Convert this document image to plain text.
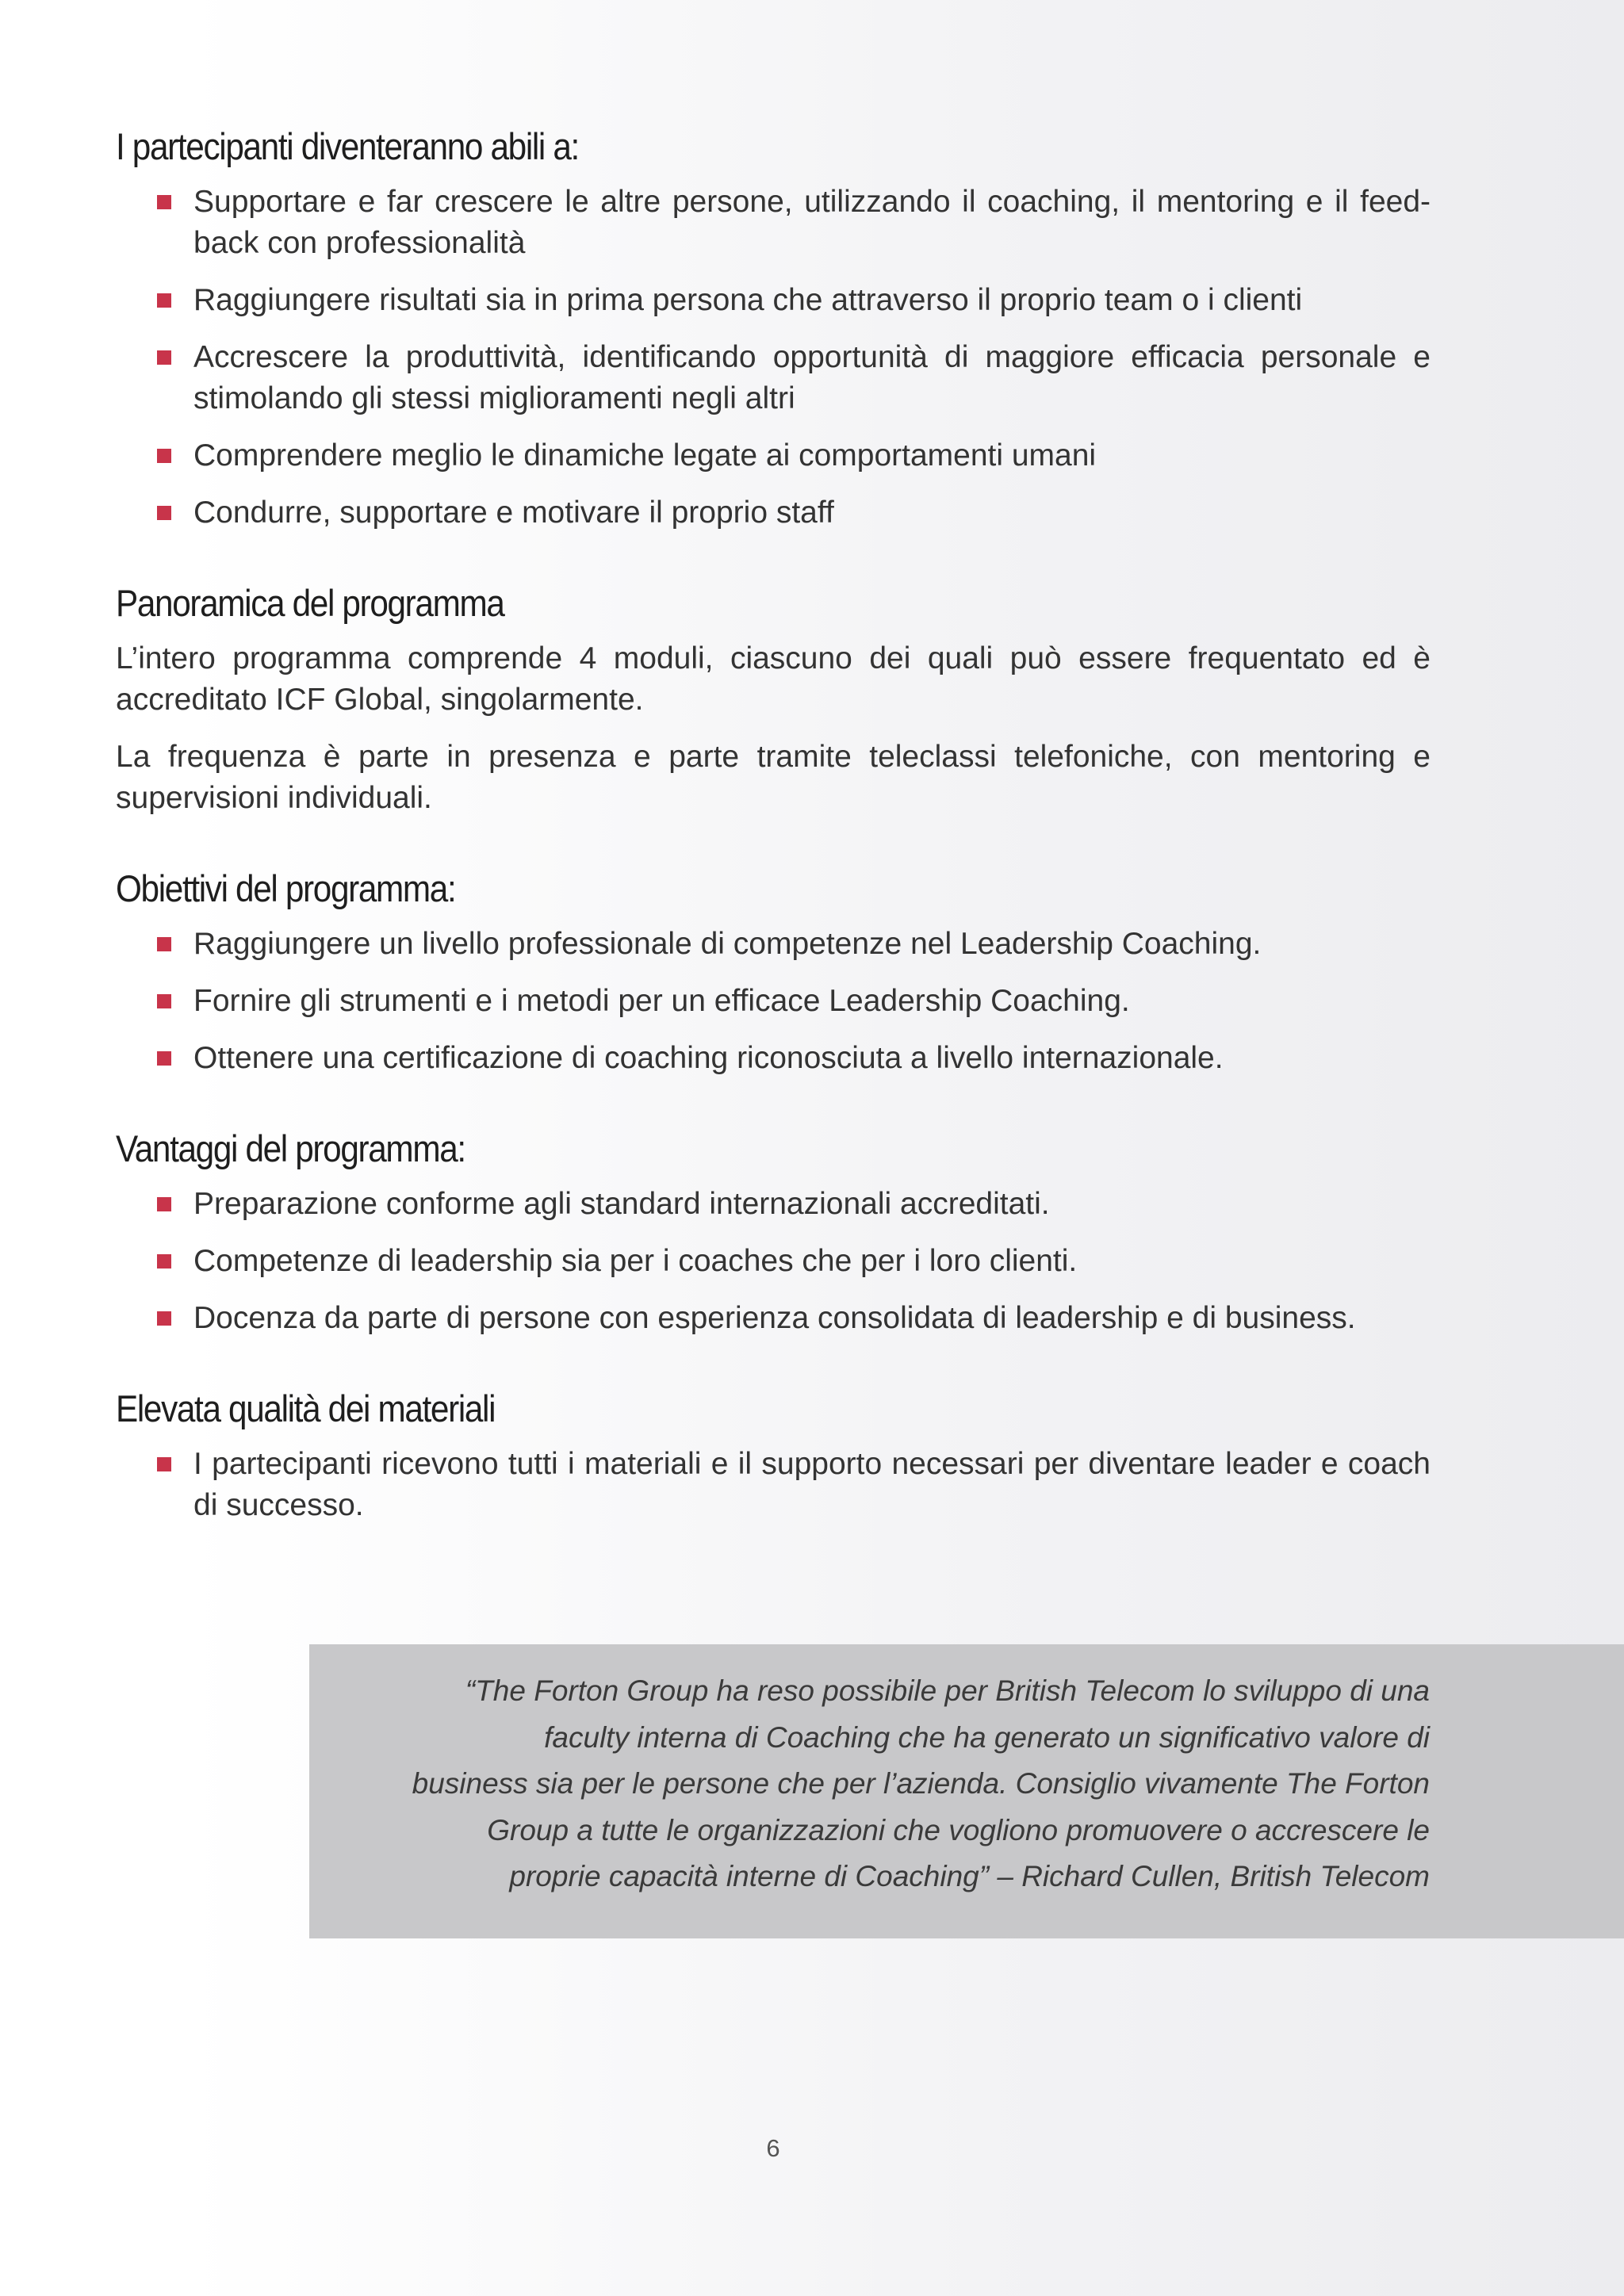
I partecipanti diventeranno abili a:
Supportare e far crescere le altre persone, utilizzando il coaching, il mentoring e il feed-back con professionalità
Raggiungere risultati sia in prima persona che attraverso il proprio team o i clienti
Accrescere la produttività, identificando opportunità di maggiore efficacia personale e stimolando gli stessi miglioramenti negli altri
Comprendere meglio le dinamiche legate ai comportamenti umani
Condurre, supportare e motivare il proprio staff
Panoramica del programma

L’intero programma comprende 4 moduli, ciascuno dei quali può essere frequentato ed è accreditato ICF Global, singolarmente.

La frequenza è parte in presenza e parte tramite teleclassi telefoniche, con mentoring e supervisioni individuali.

Obiettivi del programma:
Raggiungere un livello professionale di competenze nel Leadership Coaching.
Fornire gli strumenti e i metodi per un efficace Leadership Coaching.
Ottenere una certificazione di coaching riconosciuta a livello internazionale.
Vantaggi del programma:
Preparazione conforme agli standard internazionali accreditati.
Competenze di leadership sia per i coaches che per i loro clienti.
Docenza da parte di persone con esperienza consolidata di leadership e di business.
Elevata qualità dei materiali
I partecipanti ricevono tutti i materiali e il supporto necessari per diventare leader e coach di successo.
“The Forton Group ha reso possibile per British Telecom lo sviluppo di una
faculty interna di Coaching che ha generato un significativo valore di
business sia per le persone che per l’azienda. Consiglio vivamente The Forton
Group a tutte le organizzazioni che vogliono promuovere o accrescere le
proprie capacità interne di Coaching” – Richard Cullen, British Telecom
6
